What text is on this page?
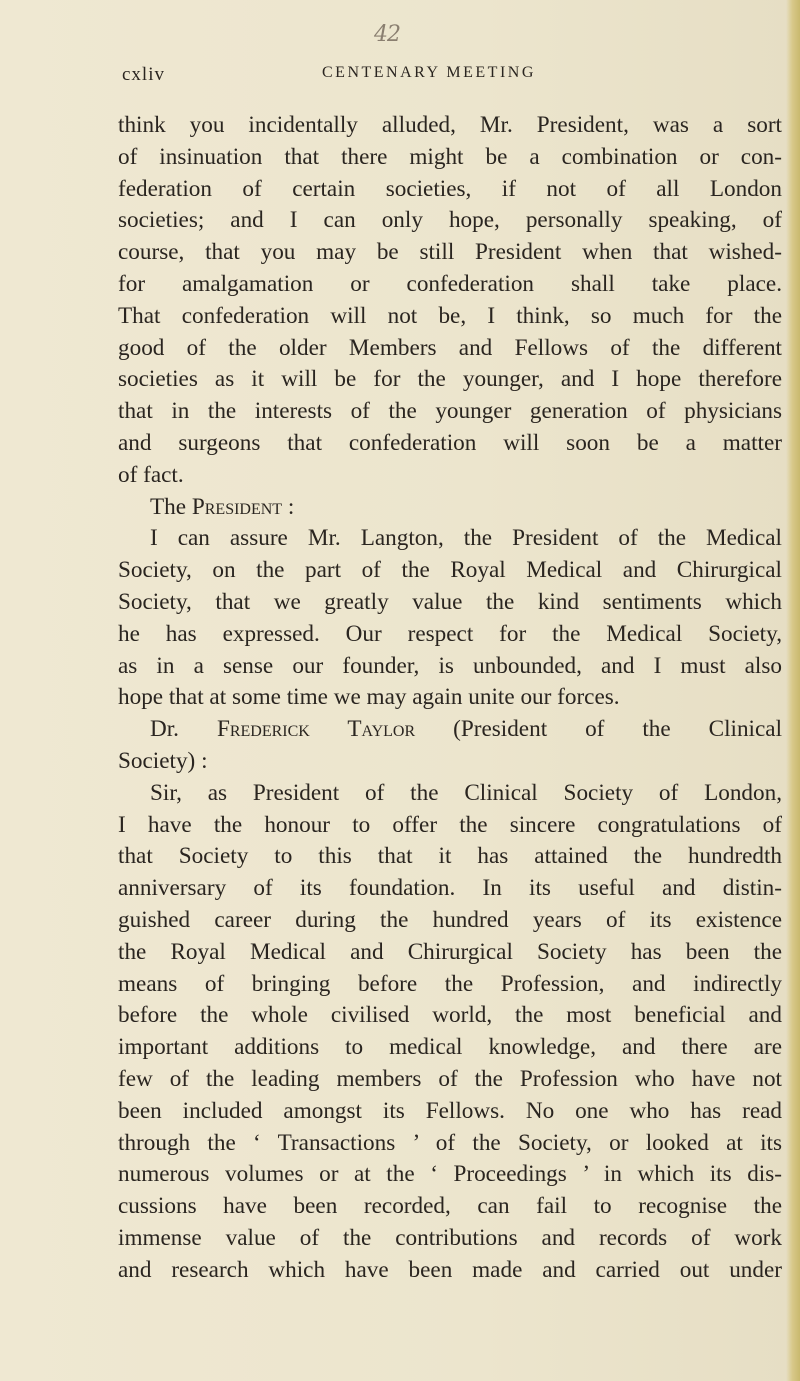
42
cxliv	CENTENARY MEETING
think you incidentally alluded, Mr. President, was a sort
of insinuation that there might be a combination or con-
federation of certain societies, if not of all London
societies; and I can only hope, personally speaking, of
course, that you may be still President when that wished-
for amalgamation or confederation shall take place.
That confederation will not be, I think, so much for the
good of the older Members and Fellows of the different
societies as it will be for the younger, and I hope therefore
that in the interests of the younger generation of physicians
and surgeons that confederation will soon be a matter
of fact.
The President :
I can assure Mr. Langton, the President of the Medical
Society, on the part of the Royal Medical and Chirurgical
Society, that we greatly value the kind sentiments which
he has expressed. Our respect for the Medical Society,
as in a sense our founder, is unbounded, and I must also
hope that at some time we may again unite our forces.
Dr. Frederick Taylor (President of the Clinical
Society) :
Sir, as President of the Clinical Society of London,
I have the honour to offer the sincere congratulations of
that Society to this that it has attained the hundredth
anniversary of its foundation. In its useful and distin-
guished career during the hundred years of its existence
the Royal Medical and Chirurgical Society has been the
means of bringing before the Profession, and indirectly
before the whole civilised world, the most beneficial and
important additions to medical knowledge, and there are
few of the leading members of the Profession who have not
been included amongst its Fellows. No one who has read
through the ‘ Transactions ’ of the Society, or looked at its
numerous volumes or at the ‘ Proceedings ’ in which its dis-
cussions have been recorded, can fail to recognise the
immense value of the contributions and records of work
and research which have been made and carried out under
